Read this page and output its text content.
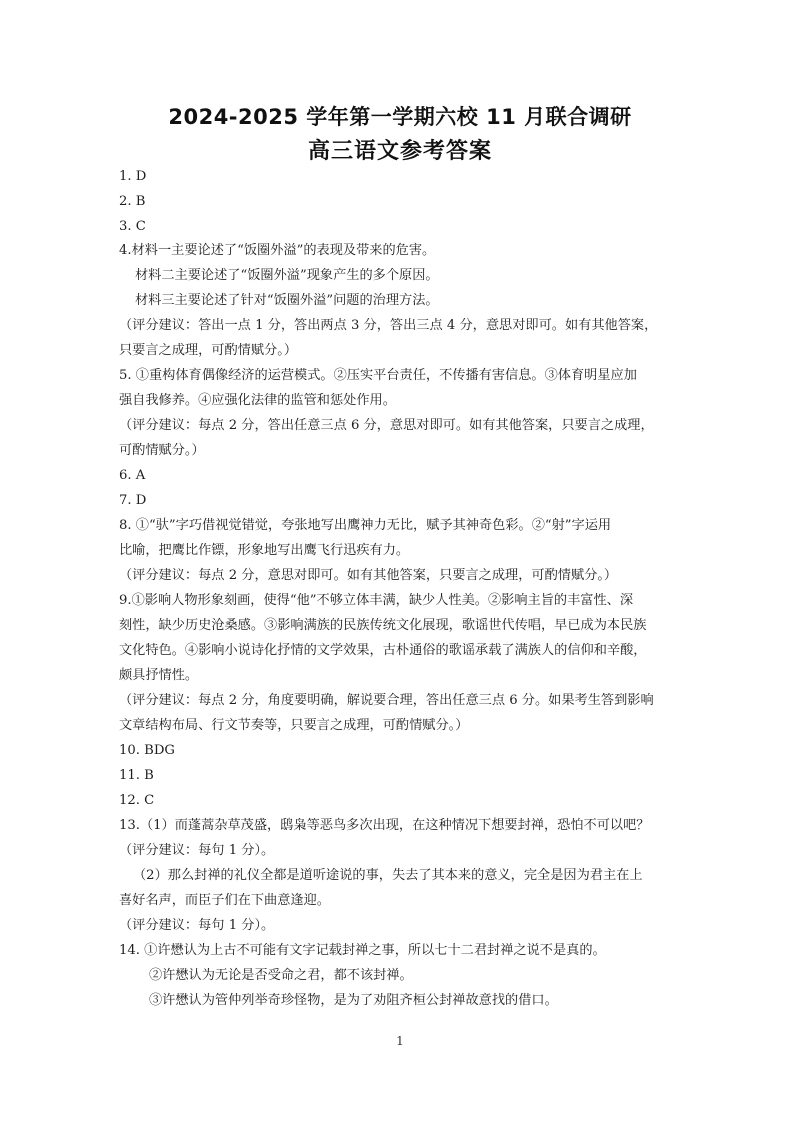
2024-2025 学年第一学期六校 11 月联合调研
高三语文参考答案
1. D
2. B
3. C
4.材料一主要论述了“饭圈外溢”的表现及带来的危害。
材料二主要论述了“饭圈外溢”现象产生的多个原因。
材料三主要论述了针对“饭圈外溢”问题的治理方法。
（评分建议：答出一点 1 分，答出两点 3 分，答出三点 4 分，意思对即可。如有其他答案，
只要言之成理，可酌情赋分。）
5. ①重构体育偶像经济的运营模式。②压实平台责任，不传播有害信息。③体育明星应加
强自我修养。④应强化法律的监管和惩处作用。
（评分建议：每点 2 分，答出任意三点 6 分，意思对即可。如有其他答案，只要言之成理，
可酌情赋分。）
6. A
7. D
8. ①“驮”字巧借视觉错觉，夸张地写出鹰神力无比，赋予其神奇色彩。②“射”字运用
比喻，把鹰比作镖，形象地写出鹰飞行迅疾有力。
（评分建议：每点 2 分，意思对即可。如有其他答案，只要言之成理，可酌情赋分。）
9.①影响人物形象刻画，使得“他”不够立体丰满，缺少人性美。②影响主旨的丰富性、深
刻性，缺少历史沧桑感。③影响满族的民族传统文化展现，歌谣世代传唱，早已成为本民族
文化特色。④影响小说诗化抒情的文学效果，古朴通俗的歌谣承载了满族人的信仰和辛酸，
颇具抒情性。
（评分建议：每点 2 分，角度要明确，解说要合理，答出任意三点 6 分。如果考生答到影响
文章结构布局、行文节奏等，只要言之成理，可酌情赋分。）
10. BDG
11. B
12. C
13.（1）而蓬蒿杂草茂盛，鸱枭等恶鸟多次出现，在这种情况下想要封禅，恐怕不可以吧？
（评分建议：每句 1 分）。
（2）那么封禅的礼仪全都是道听途说的事，失去了其本来的意义，完全是因为君主在上
喜好名声，而臣子们在下曲意逢迎。
（评分建议：每句 1 分）。
14. ①许懋认为上古不可能有文字记载封禅之事，所以七十二君封禅之说不是真的。
②许懋认为无论是否受命之君，都不该封禅。
③许懋认为管仲列举奇珍怪物，是为了劝阻齐桓公封禅故意找的借口。
1
